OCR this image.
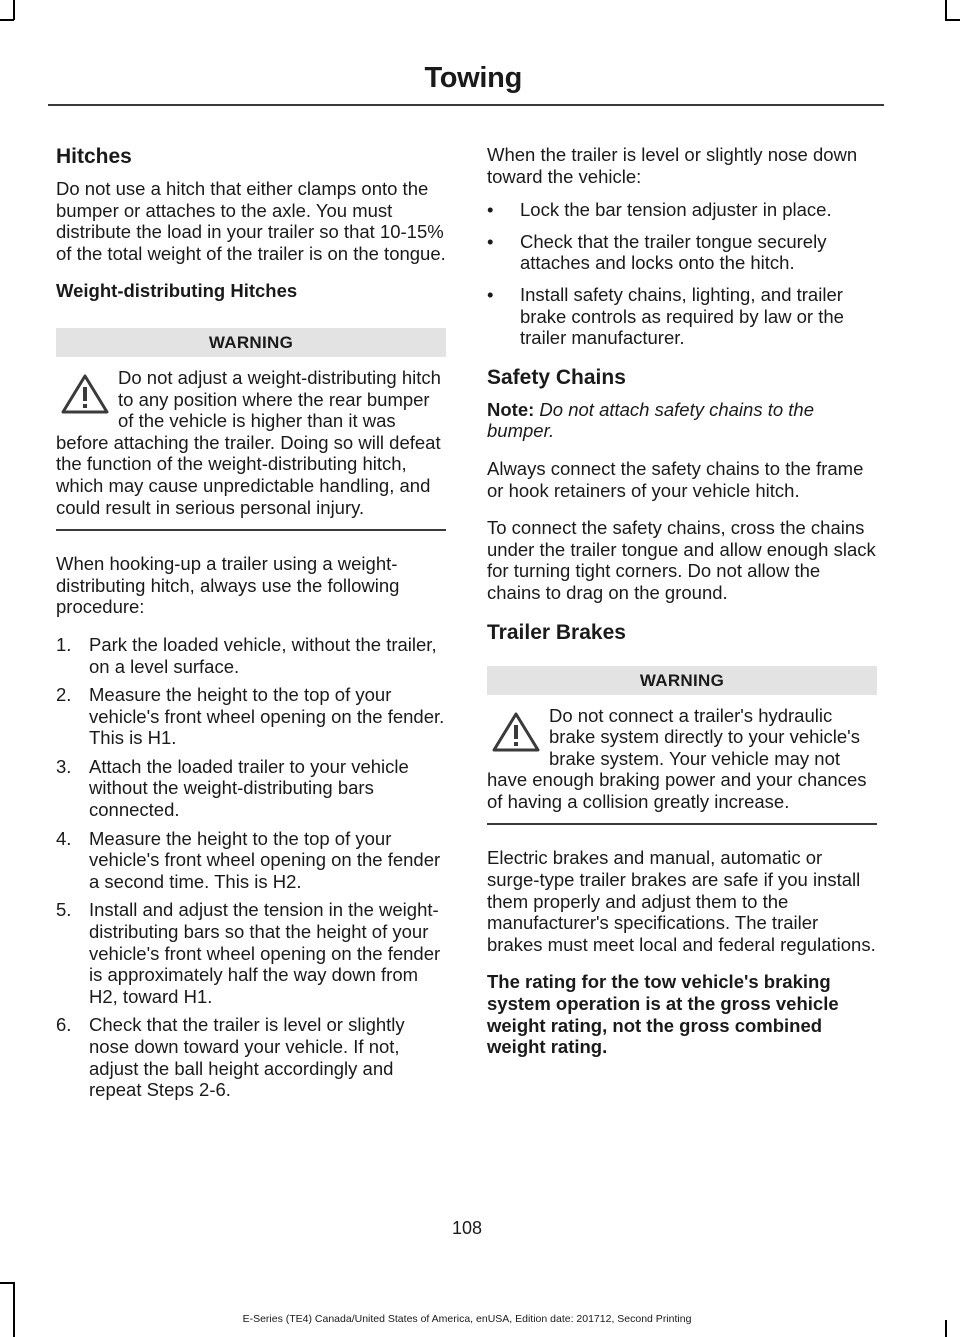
Towing
Hitches

Do not use a hitch that either clamps onto the bumper or attaches to the axle. You must distribute the load in your trailer so that 10-15% of the total weight of the trailer is on the tongue.

Weight-distributing Hitches
WARNING
Do not adjust a weight-distributing hitch to any position where the rear bumper of the vehicle is higher than it was before attaching the trailer. Doing so will defeat the function of the weight-distributing hitch, which may cause unpredictable handling, and could result in serious personal injury.

When hooking-up a trailer using a weight-distributing hitch, always use the following procedure:

1. Park the loaded vehicle, without the trailer, on a level surface.
2. Measure the height to the top of your vehicle's front wheel opening on the fender. This is H1.
3. Attach the loaded trailer to your vehicle without the weight-distributing bars connected.
4. Measure the height to the top of your vehicle's front wheel opening on the fender a second time. This is H2.
5. Install and adjust the tension in the weight-distributing bars so that the height of your vehicle's front wheel opening on the fender is approximately half the way down from H2, toward H1.
6. Check that the trailer is level or slightly nose down toward your vehicle. If not, adjust the ball height accordingly and repeat Steps 2-6.

When the trailer is level or slightly nose down toward the vehicle:

• Lock the bar tension adjuster in place.
• Check that the trailer tongue securely attaches and locks onto the hitch.
• Install safety chains, lighting, and trailer brake controls as required by law or the trailer manufacturer.
Safety Chains

Note: Do not attach safety chains to the bumper.

Always connect the safety chains to the frame or hook retainers of your vehicle hitch.

To connect the safety chains, cross the chains under the trailer tongue and allow enough slack for turning tight corners. Do not allow the chains to drag on the ground.

Trailer Brakes
WARNING
Do not connect a trailer's hydraulic brake system directly to your vehicle's brake system. Your vehicle may not have enough braking power and your chances of having a collision greatly increase.

Electric brakes and manual, automatic or surge-type trailer brakes are safe if you install them properly and adjust them to the manufacturer's specifications. The trailer brakes must meet local and federal regulations.

The rating for the tow vehicle's braking system operation is at the gross vehicle weight rating, not the gross combined weight rating.

108
E-Series (TE4) Canada/United States of America, enUSA, Edition date: 201712, Second Printing
